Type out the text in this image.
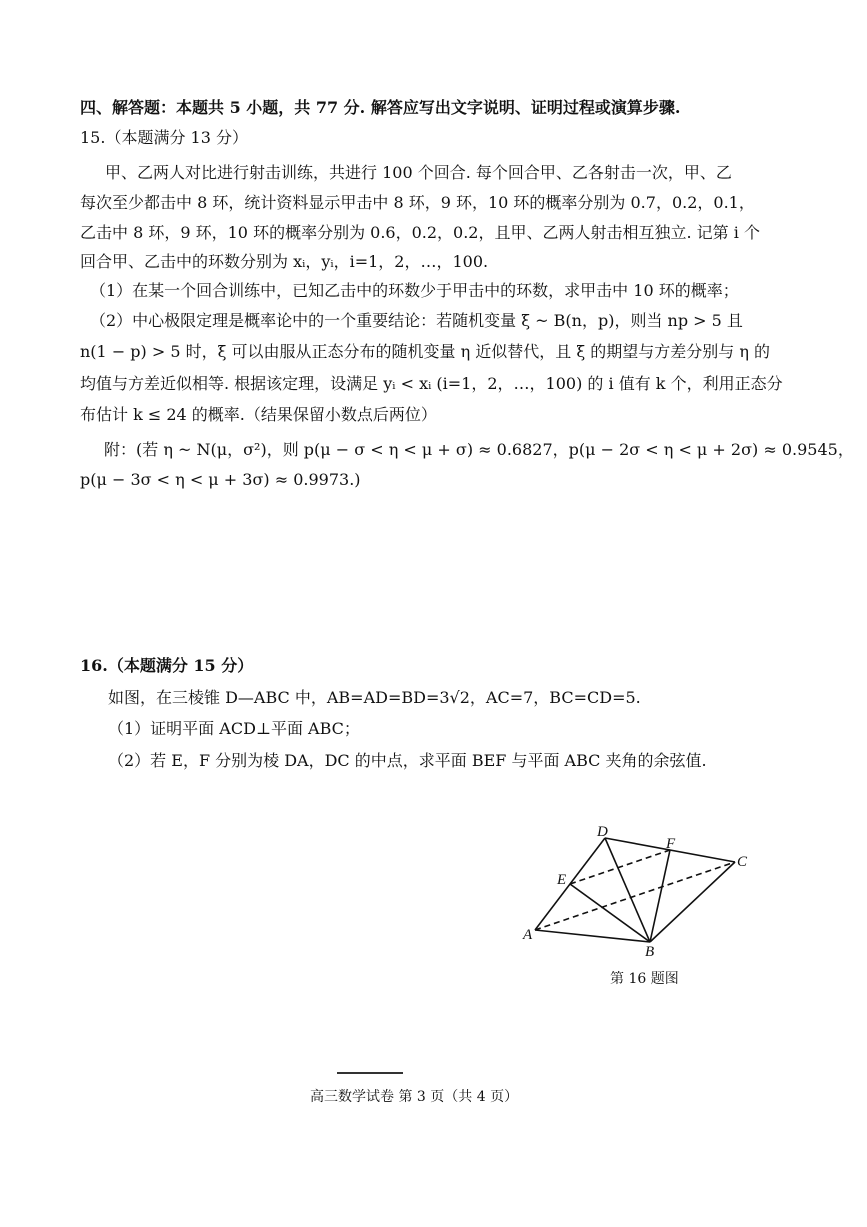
四、解答题：本题共 5 小题，共 77 分. 解答应写出文字说明、证明过程或演算步骤.
15.（本题满分 13 分）
甲、乙两人对比进行射击训练，共进行 100 个回合. 每个回合甲、乙各射击一次，甲、乙
每次至少都击中 8 环，统计资料显示甲击中 8 环，9 环，10 环的概率分别为 0.7，0.2，0.1，
乙击中 8 环，9 环，10 环的概率分别为 0.6，0.2，0.2，且甲、乙两人射击相互独立. 记第 i 个
回合甲、乙击中的环数分别为 xᵢ，yᵢ，i=1，2，…，100.
（1）在某一个回合训练中，已知乙击中的环数少于甲击中的环数，求甲击中 10 环的概率；
（2）中心极限定理是概率论中的一个重要结论：若随机变量 ξ ~ B(n，p)，则当 np > 5 且
n(1 − p) > 5 时，ξ 可以由服从正态分布的随机变量 η 近似替代，且 ξ 的期望与方差分别与 η 的
均值与方差近似相等. 根据该定理，设满足 yᵢ < xᵢ (i=1，2，…，100) 的 i 值有 k 个，利用正态分
布估计 k ≤ 24 的概率.（结果保留小数点后两位）
附：(若 η ~ N(μ，σ²)，则 p(μ − σ < η < μ + σ) ≈ 0.6827，p(μ − 2σ < η < μ + 2σ) ≈ 0.9545，
p(μ − 3σ < η < μ + 3σ) ≈ 0.9973.)
16.（本题满分 15 分）
如图，在三棱锥 D—ABC 中，AB=AD=BD=3√2，AC=7，BC=CD=5.
（1）证明平面 ACD⊥平面 ABC；
（2）若 E，F 分别为棱 DA，DC 的中点，求平面 BEF 与平面 ABC 夹角的余弦值.
D
F
C
E
A
B
第 16 题图
高三数学试卷 第 3 页（共 4 页）
